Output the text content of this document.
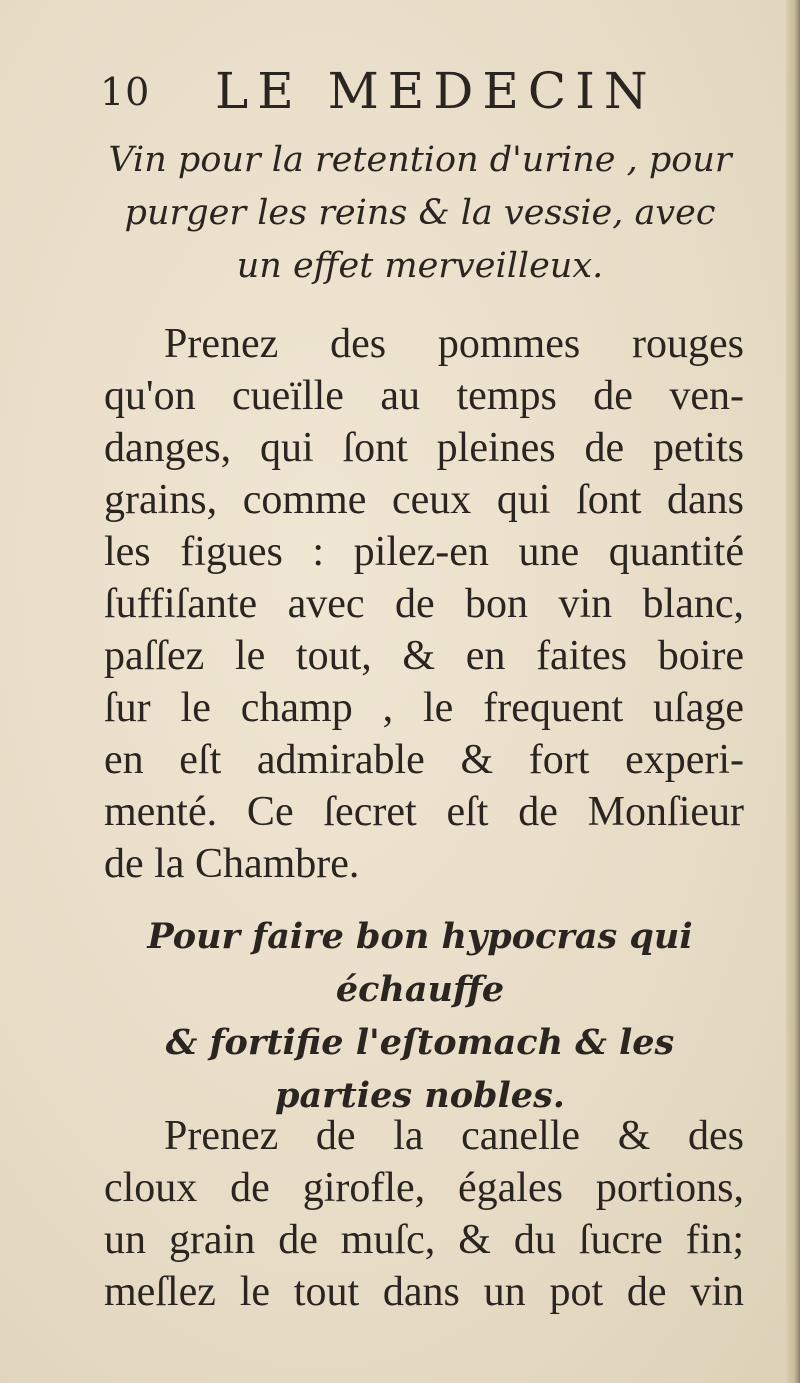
10 LE MEDECIN
Vin pour la retention d'urine , pour
purger les reins & la vessie, avec
un effet merveilleux.
Prenez des pommes rouges
qu'on cueïlle au temps de ven-
danges, qui ſont pleines de petits
grains, comme ceux qui ſont dans
les figues : pilez-en une quantité
ſuffiſante avec de bon vin blanc,
paſſez le tout, & en faites boire
ſur le champ , le frequent uſage
en eſt admirable & fort experi-
menté. Ce ſecret eſt de Monſieur
de la Chambre.
Pour faire bon hypocras qui échauffe
& fortifie l'eſtomach & les
parties nobles.
Prenez de la canelle & des
cloux de girofle, égales portions,
un grain de muſc, & du ſucre fin;
meſlez le tout dans un pot de vin
